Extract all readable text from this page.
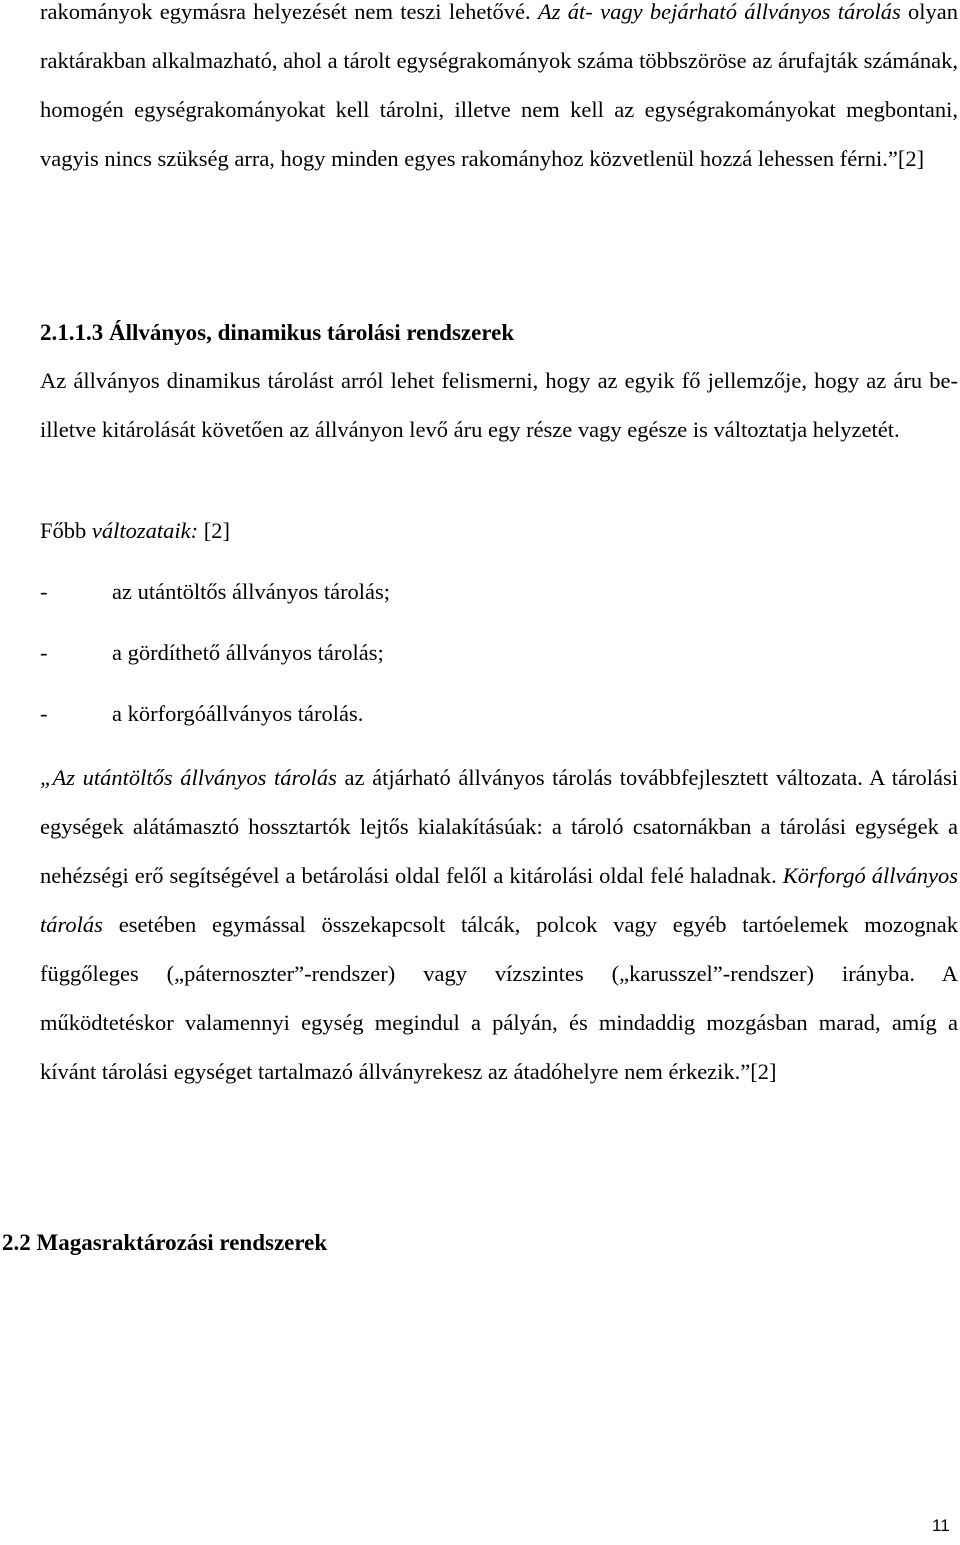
rakományok egymásra helyezését nem teszi lehetővé. Az át- vagy bejárható állványos tárolás olyan raktárakban alkalmazható, ahol a tárolt egységrakományok száma többszöröse az árufajták számának, homogén egységrakományokat kell tárolni, illetve nem kell az egységrakományokat megbontani, vagyis nincs szükség arra, hogy minden egyes rakományhoz közvetlenül hozzá lehessen férni.”[2]

2.1.1.3 Állványos, dinamikus tárolási rendszerek

Az állványos dinamikus tárolást arról lehet felismerni, hogy az egyik fő jellemzője, hogy az áru be- illetve kitárolását követően az állványon levő áru egy része vagy egésze is változtatja helyzetét.

Főbb változataik: [2]

-	az utántöltős állványos tárolás;
-	a gördíthető állványos tárolás;
-	a körforgóállványos tárolás.

„Az utántöltős állványos tárolás az átjárható állványos tárolás továbbfejlesztett változata. A tárolási egységek alátámasztó hossztartók lejtős kialakításúak: a tároló csatornákban a tárolási egységek a nehézségi erő segítségével a betárolási oldal felől a kitárolási oldal felé haladnak. Körforgó állványos tárolás esetében egymással összekapcsolt tálcák, polcok vagy egyéb tartóelemek mozognak függőleges („páternoszter”-rendszer) vagy vízszintes („karusszel”-rendszer) irányba. A működtetéskor valamennyi egység megindul a pályán, és mindaddig mozgásban marad, amíg a kívánt tárolási egységet tartalmazó állványrekesz az átadóhelyre nem érkezik.”[2]

2.2 Magasraktározási rendszerek
11
